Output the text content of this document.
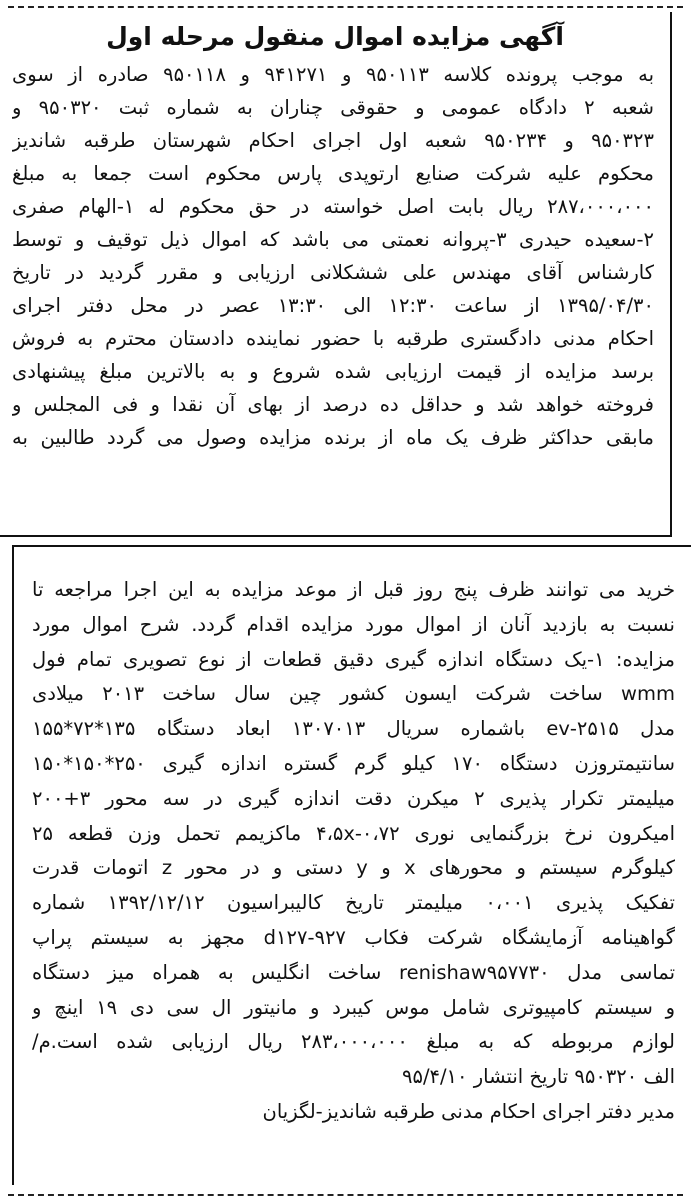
آگهی مزایده اموال منقول مرحله اول
به موجب پرونده کلاسه ۹۵۰۱۱۳ و ۹۴۱۲۷۱ و ۹۵۰۱۱۸ صادره از سوی
شعبه ۲ دادگاه عمومی و حقوقی چناران به شماره ثبت ۹۵۰۳۲۰ و
۹۵۰۳۲۳ و ۹۵۰۲۳۴ شعبه اول اجرای احکام شهرستان طرقبه شاندیز
محکوم علیه شرکت صنایع ارتوپدی پارس محکوم است جمعا به مبلغ
۲۸۷،۰۰۰،۰۰۰ ریال بابت اصل خواسته در حق محکوم له ۱-الهام صفری
۲-سعیده حیدری ۳-پروانه نعمتی می باشد که اموال ذیل توقیف و توسط
کارشناس آقای مهندس علی ششکلانی ارزیابی و مقرر گردید در تاریخ
۱۳۹۵/۰۴/۳۰ از ساعت ۱۲:۳۰ الی ۱۳:۳۰ عصر در محل دفتر اجرای
احکام مدنی دادگستری طرقبه با حضور نماینده دادستان محترم به فروش
برسد مزایده از قیمت ارزیابی شده شروع و به بالاترین مبلغ پیشنهادی
فروخته خواهد شد و حداقل ده درصد از بهای آن نقدا و فی المجلس و
مابقی حداکثر ظرف یک ماه از برنده مزایده وصول می گردد طالبین به
خرید می توانند ظرف پنج روز قبل از موعد مزایده به این اجرا مراجعه تا
نسبت به بازدید آنان از اموال مورد مزایده اقدام گردد. شرح اموال مورد
مزایده: ۱-یک دستگاه اندازه گیری دقیق قطعات از نوع تصویری تمام فول
wmm ساخت شرکت ایسون کشور چین سال ساخت ۲۰۱۳ میلادی
مدل ۲۵۱۵-ev باشماره سریال ۱۳۰۷۰۱۳ ابعاد دستگاه ۱۳۵*۷۲*۱۵۵
سانتیمتروزن دستگاه ۱۷۰ کیلو گرم گستره اندازه گیری ۲۵۰*۱۵۰*۱۵۰
میلیمتر تکرار پذیری ۲ میکرن دقت اندازه گیری در سه محور ۳+۲۰۰
امیکرون نرخ بزرگنمایی نوری ۴،۵x-۰،۷۲ ماکزیمم تحمل وزن قطعه ۲۵
کیلوگرم سیستم و محورهای x و y دستی و در محور z اتومات قدرت
تفکیک پذیری ۰،۰۰۱ میلیمتر تاریخ کالیبراسیون ۱۳۹۲/۱۲/۱۲ شماره
گواهینامه آزمایشگاه شرکت فکاب d۱۲۷-۹۲۷ مجهز به سیستم پراپ
تماسی مدل renishaw۹۵۷۷۳۰ ساخت انگلیس به همراه میز دستگاه
و سیستم کامپیوتری شامل موس کیبرد و مانیتور ال سی دی ۱۹ اینچ و
لوازم مربوطه که به مبلغ ۲۸۳،۰۰۰،۰۰۰ ریال ارزیابی شده است.م/
الف ۹۵۰۳۲۰ تاریخ انتشار ۹۵/۴/۱۰
مدیر دفتر اجرای احکام مدنی طرقبه شاندیز-لگزیان
